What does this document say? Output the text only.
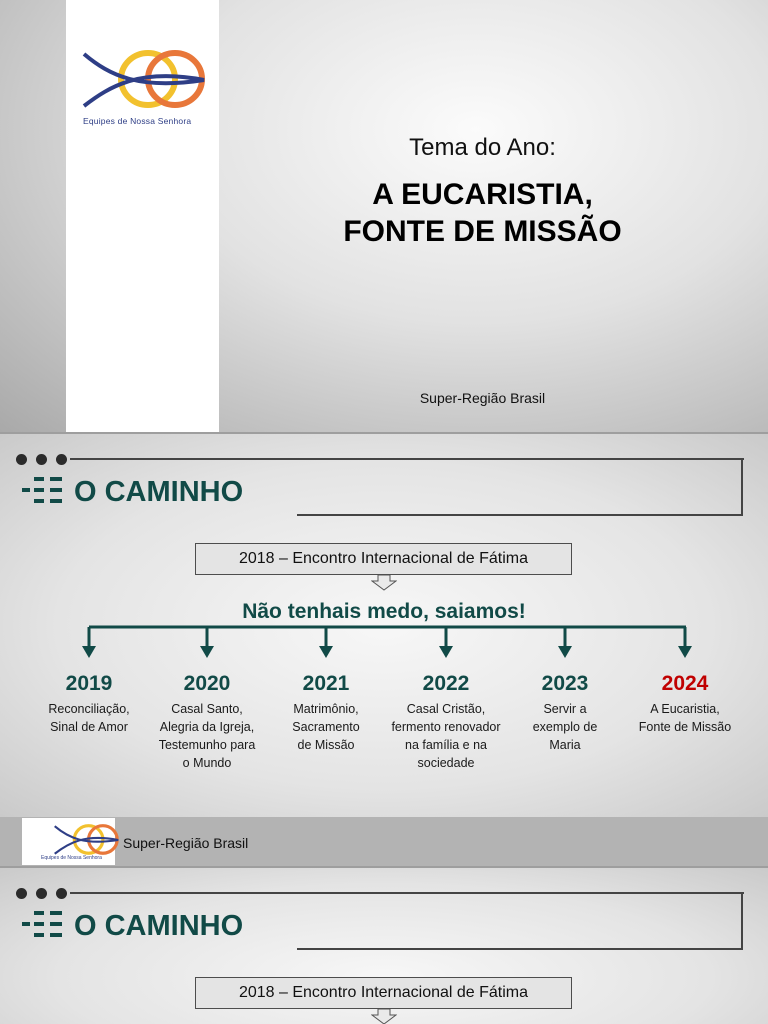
Equipes de Nossa Senhora
Tema do Ano:
A EUCARISTIA,
FONTE DE MISSÃO
Super-Região Brasil
O CAMINHO
2018 – Encontro Internacional de Fátima
Não tenhais medo, saiamos!
2019
Reconciliação,
Sinal de Amor
2020
Casal Santo,
Alegria da Igreja,
Testemunho para
o Mundo
2021
Matrimônio,
Sacramento
de Missão
2022
Casal Cristão,
fermento renovador
na família e na
sociedade
2023
Servir a
exemplo de
Maria
2024
A Eucaristia,
Fonte de Missão
Equipes de Nossa Senhora
Super-Região Brasil
O CAMINHO
2018 – Encontro Internacional de Fátima
